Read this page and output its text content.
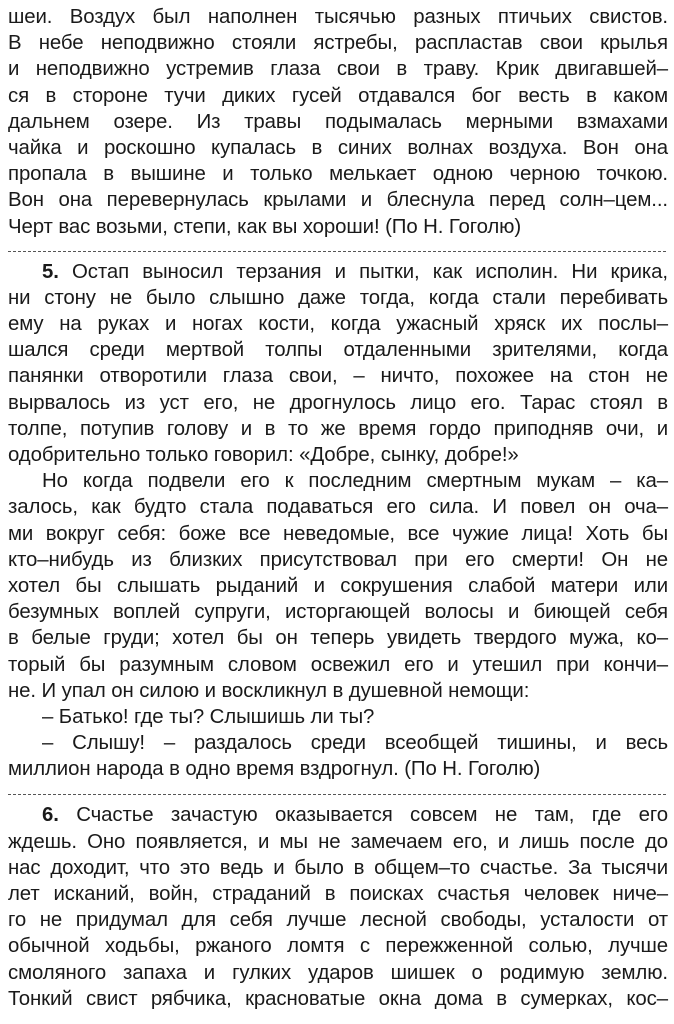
шеи. Воздух был наполнен тысячью разных птичьих свистов.
В небе неподвижно стояли ястребы, распластав свои крылья
и неподвижно устремив глаза свои в траву. Крик двигавшей–
ся в стороне тучи диких гусей отдавался бог весть в каком
дальнем озере. Из травы подымалась мерными взмахами
чайка и роскошно купалась в синих волнах воздуха. Вон она
пропала в вышине и только мелькает одною черною точкою.
Вон она перевернулась крылами и блеснула перед солн–цем...
Черт вас возьми, степи, как вы хороши! (По Н. Гоголю)
5. Остап выносил терзания и пытки, как исполин. Ни крика,
ни стону не было слышно даже тогда, когда стали перебивать
ему на руках и ногах кости, когда ужасный хряск их послы–
шался среди мертвой толпы отдаленными зрителями, когда
панянки отворотили глаза свои, – ничто, похожее на стон не
вырвалось из уст его, не дрогнулось лицо его. Тарас стоял в
толпе, потупив голову и в то же время гордо приподняв очи, и
одобрительно только говорил: «Добре, сынку, добре!»
Но когда подвели его к последним смертным мукам – ка–
залось, как будто стала подаваться его сила. И повел он оча–
ми вокруг себя: боже все неведомые, все чужие лица! Хоть бы
кто–нибудь из близких присутствовал при его смерти! Он не
хотел бы слышать рыданий и сокрушения слабой матери или
безумных воплей супруги, исторгающей волосы и биющей себя
в белые груди; хотел бы он теперь увидеть твердого мужа, ко–
торый бы разумным словом освежил его и утешил при кончи–
не. И упал он силою и воскликнул в душевной немощи:
– Батько! где ты? Слышишь ли ты?
– Слышу! – раздалось среди всеобщей тишины, и весь
миллион народа в одно время вздрогнул. (По Н. Гоголю)
6. Счастье зачастую оказывается совсем не там, где его
ждешь. Оно появляется, и мы не замечаем его, и лишь после до
нас доходит, что это ведь и было в общем–то счастье. За тысячи
лет исканий, войн, страданий в поисках счастья человек ниче–
го не придумал для себя лучше лесной свободы, усталости от
обычной ходьбы, ржаного ломтя с пережженной солью, лучше
смоляного запаха и гулких ударов шишек о родимую землю.
Тонкий свист рябчика, красноватые окна дома в сумерках, кос–
